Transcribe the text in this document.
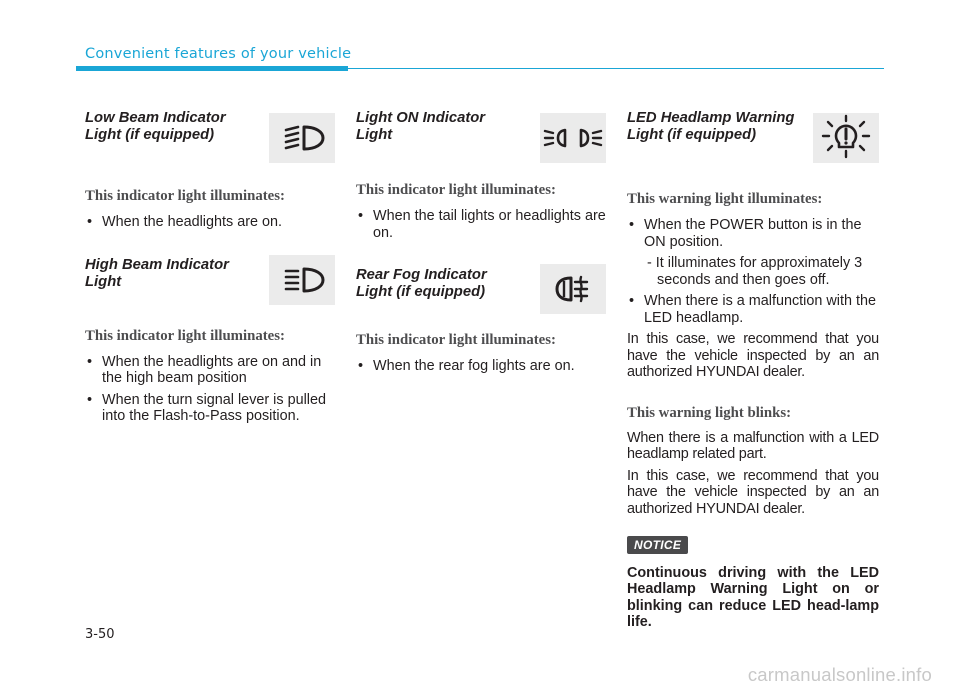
Convenient features of your vehicle

Low Beam Indicator
Light (if equipped)

This indicator light illuminates:

• When the headlights are on.

High Beam Indicator
Light

This indicator light illuminates:

• When the headlights are on and in the high beam position
• When the turn signal lever is pulled into the Flash-to-Pass position.

Light ON Indicator
Light

This indicator light illuminates:

• When the tail lights or headlights are on.

Rear Fog Indicator
Light (if equipped)

This indicator light illuminates:

• When the rear fog lights are on.

LED Headlamp Warning
Light (if equipped)

This warning light illuminates:

• When the POWER button is in the ON position.
- It illuminates for approximately 3 seconds and then goes off.
• When there is a malfunction with the LED headlamp.
In this case, we recommend that you have the vehicle inspected by an an authorized HYUNDAI dealer.

This warning light blinks:

When there is a malfunction with a LED headlamp related part.
In this case, we recommend that you have the vehicle inspected by an an authorized HYUNDAI dealer.
NOTICE
Continuous driving with the LED Headlamp Warning Light on or blinking can reduce LED head-lamp life.
3-50
carmanualsonline.info
